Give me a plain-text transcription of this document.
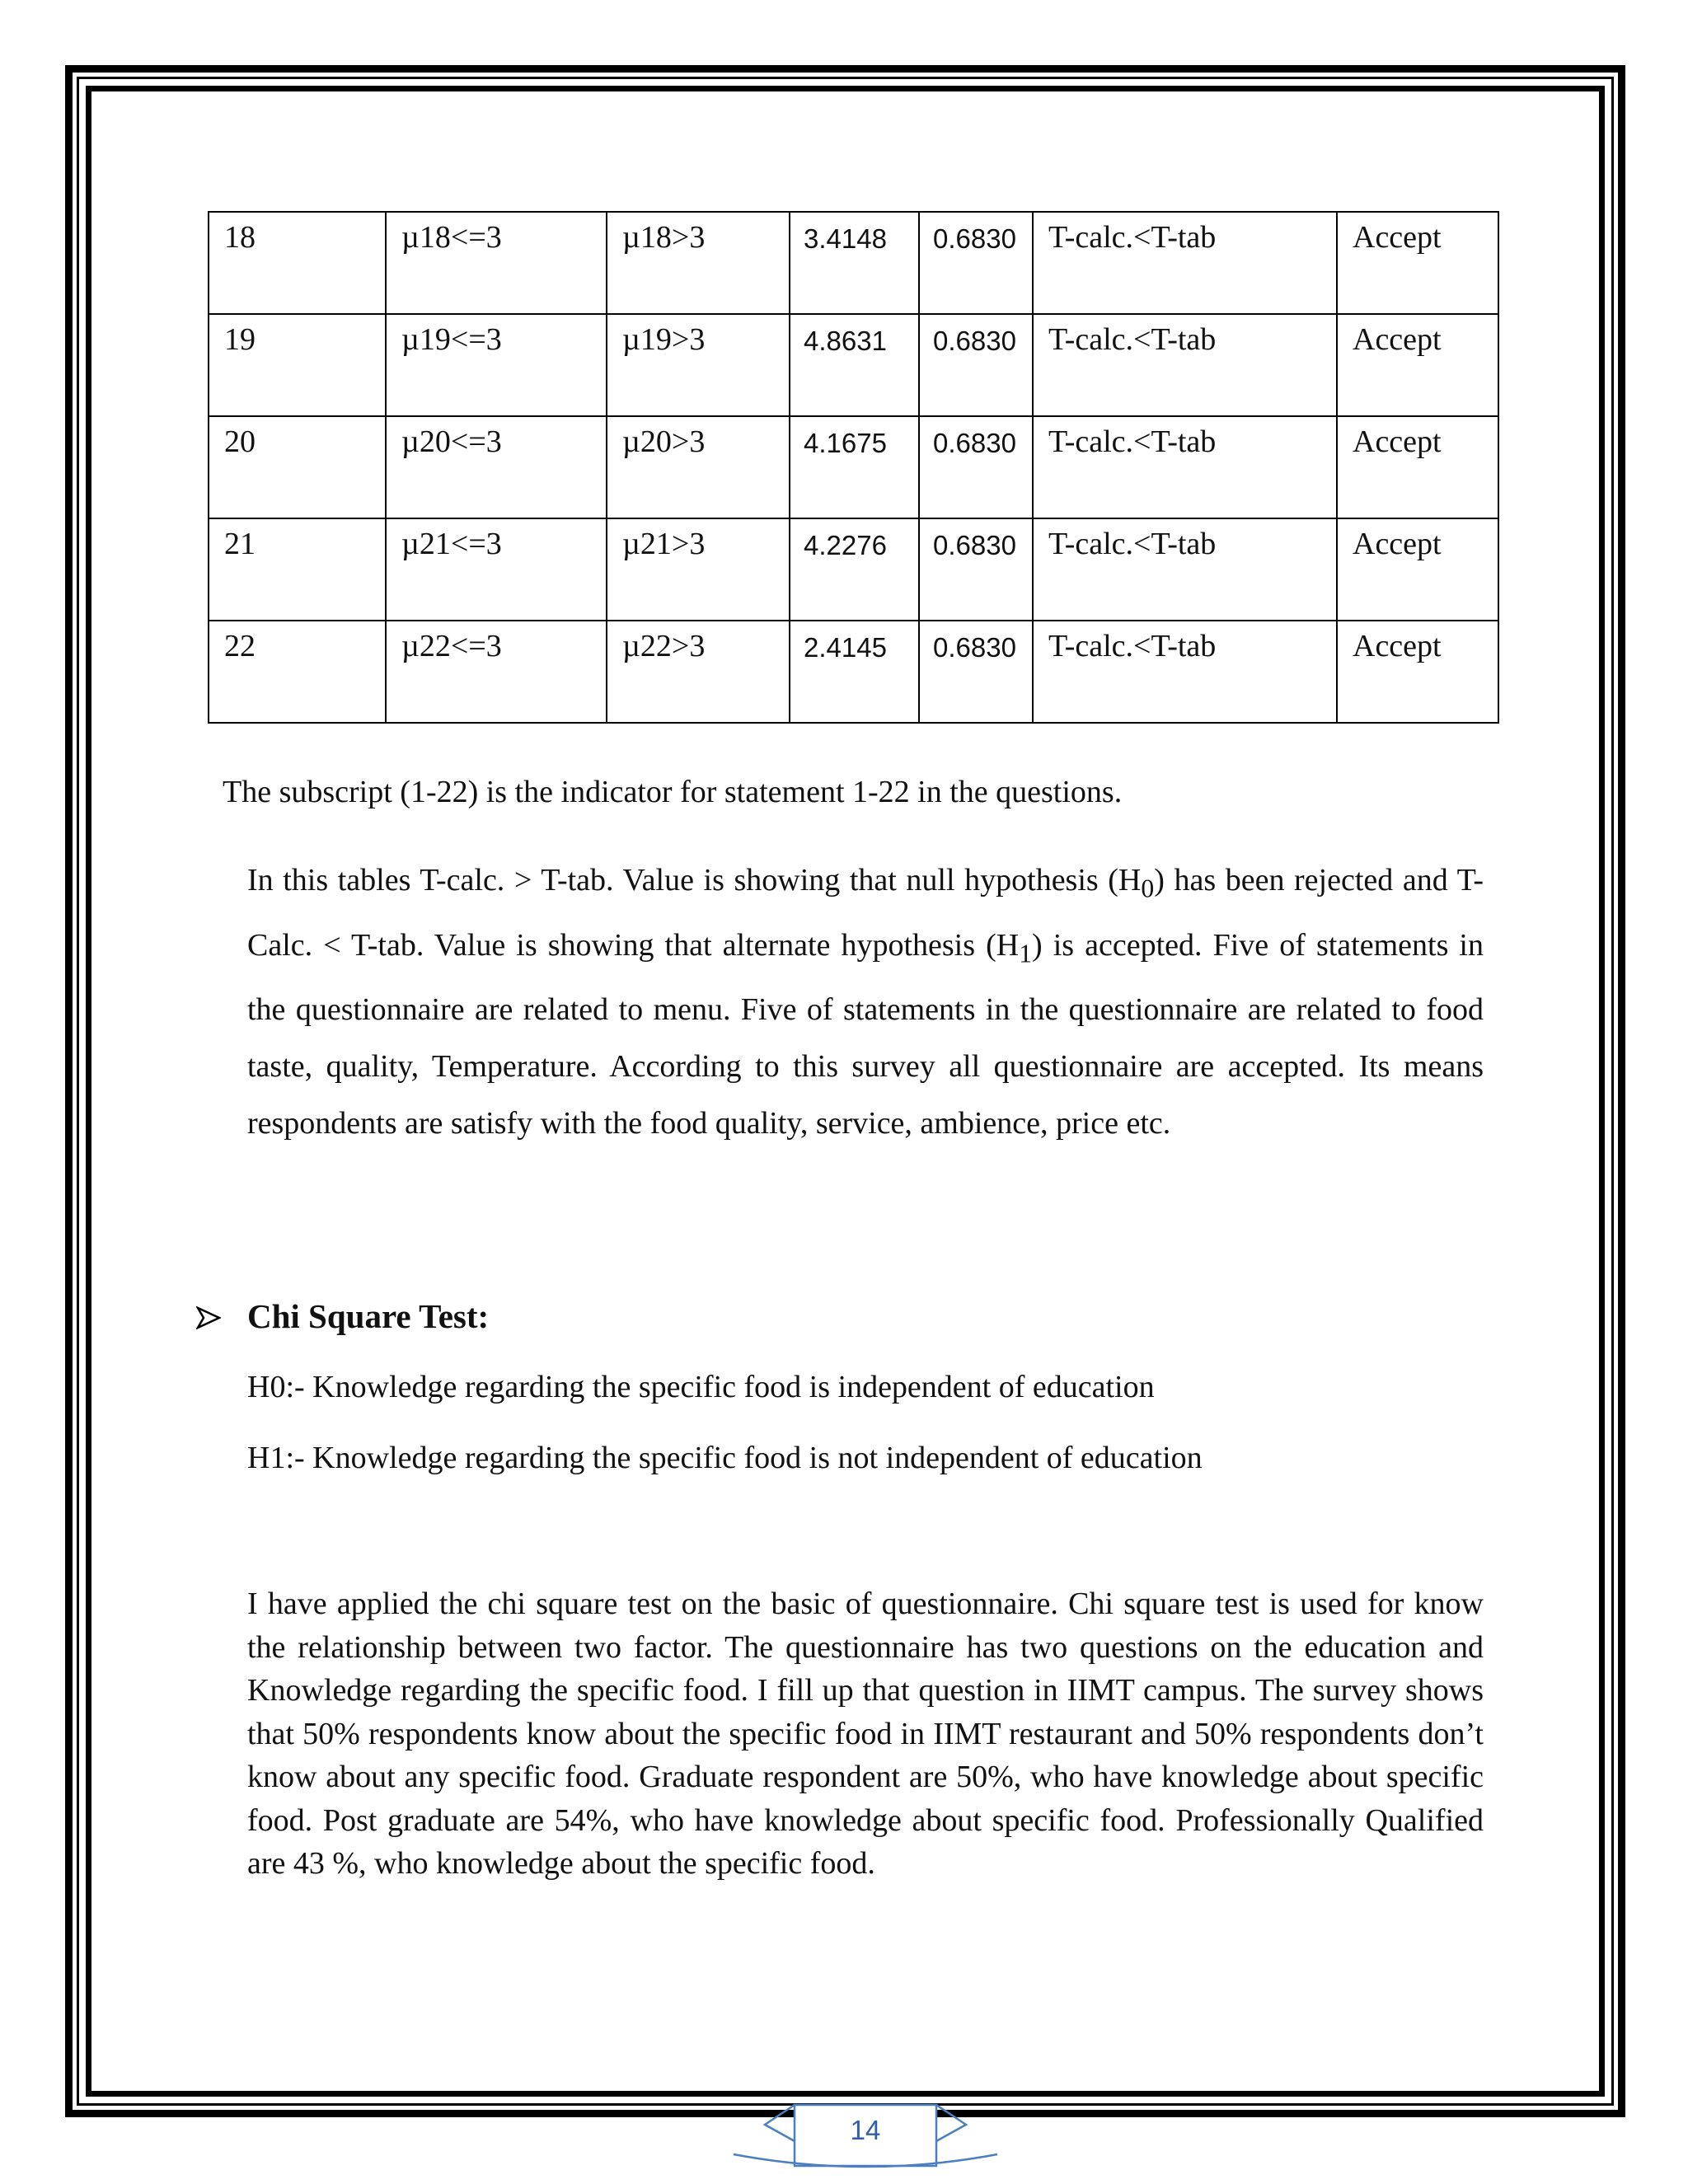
18	µ18<=3	µ18>3	3.4148	0.6830	T-calc.<T-tab	Accept
19	µ19<=3	µ19>3	4.8631	0.6830	T-calc.<T-tab	Accept
20	µ20<=3	µ20>3	4.1675	0.6830	T-calc.<T-tab	Accept
21	µ21<=3	µ21>3	4.2276	0.6830	T-calc.<T-tab	Accept
22	µ22<=3	µ22>3	2.4145	0.6830	T-calc.<T-tab	Accept
The subscript (1-22) is the indicator for statement 1-22 in the questions.

In this tables T-calc. > T-tab. Value is showing that null hypothesis $(H_0)$ has been rejected and T-Calc. < T-tab. Value is showing that alternate hypothesis $(H_1)$ is accepted. Five of statements in the questionnaire are related to menu. Five of statements in the questionnaire are related to food taste, quality, Temperature. According to this survey all questionnaire are accepted. Its means respondents are satisfy with the food quality, service, ambience, price etc.

Chi Square Test:
H0:- Knowledge regarding the specific food is independent of education
H1:- Knowledge regarding the specific food is not independent of education

I have applied the chi square test on the basic of questionnaire. Chi square test is used for know the relationship between two factor. The questionnaire has two questions on the education and Knowledge regarding the specific food. I fill up that question in IIMT campus. The survey shows that 50% respondents know about the specific food in IIMT restaurant and 50% respondents don’t know about any specific food. Graduate respondent are 50%, who have knowledge about specific food. Post graduate are 54%, who have knowledge about specific food. Professionally Qualified are 43 %, who knowledge about the specific food.

14
